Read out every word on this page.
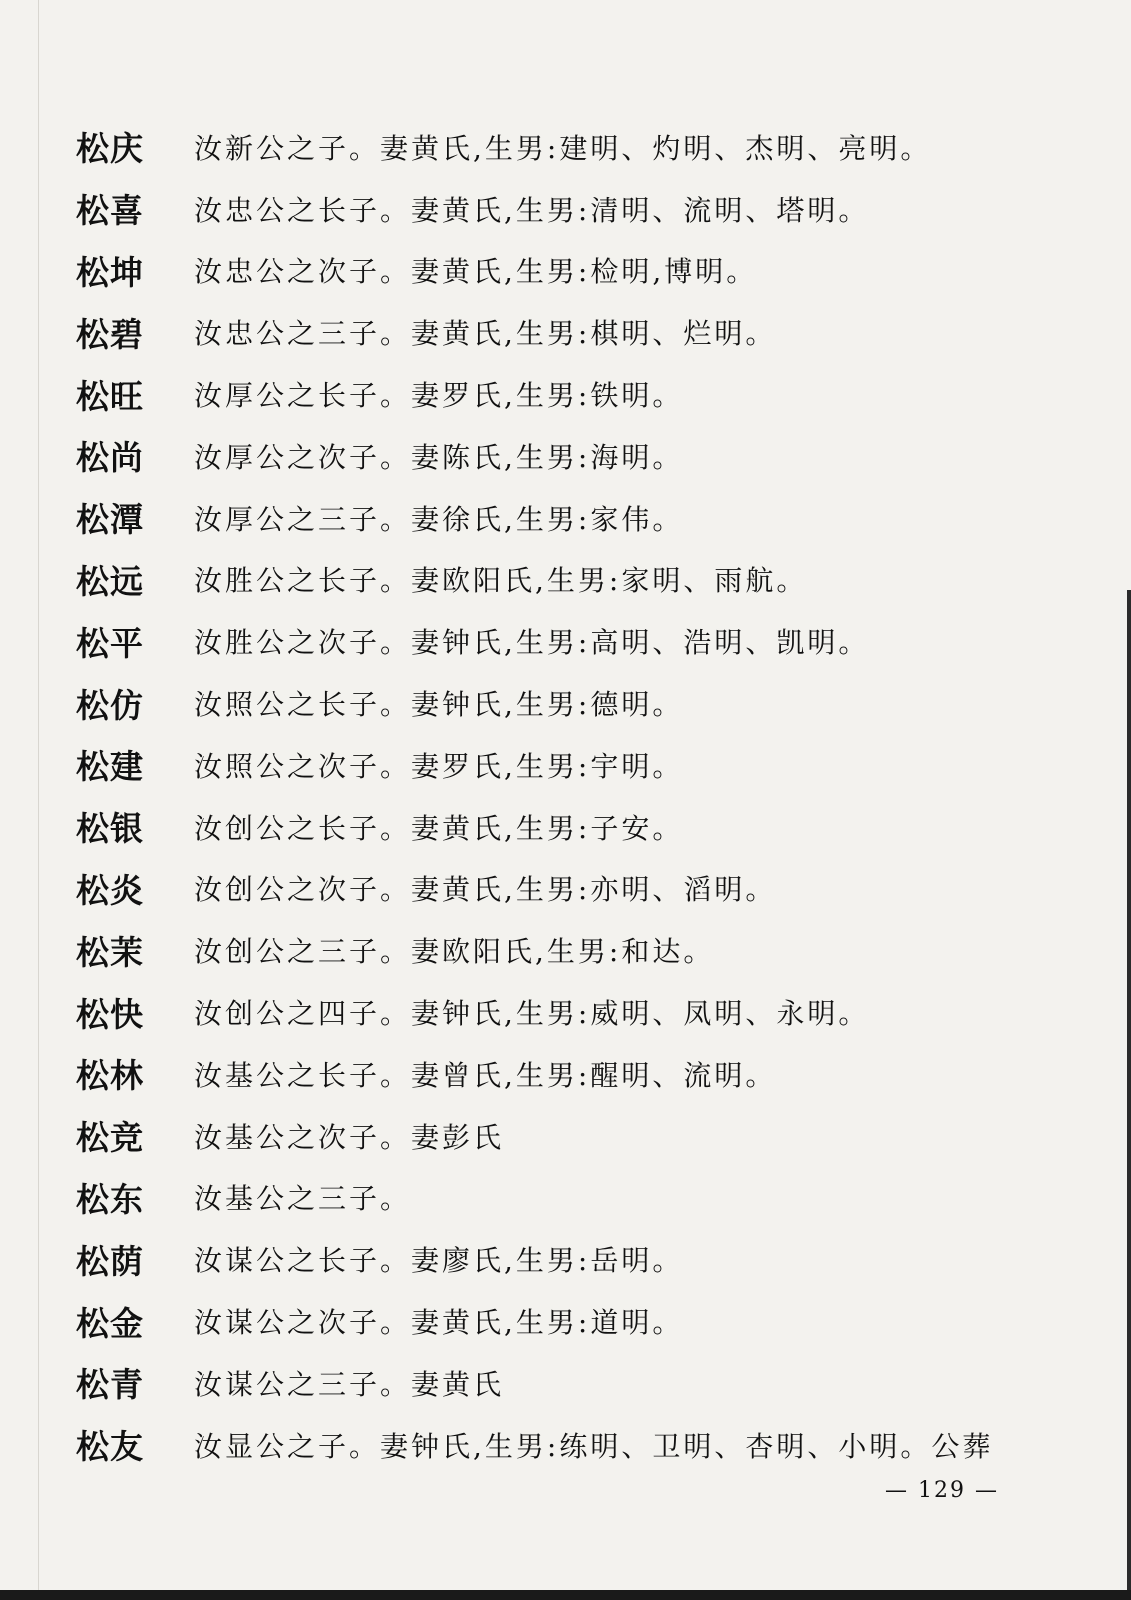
松庆	汝新公之子。妻黄氏,生男:建明、灼明、杰明、亮明。
松喜	汝忠公之长子。妻黄氏,生男:清明、流明、塔明。
松坤	汝忠公之次子。妻黄氏,生男:检明,博明。
松碧	汝忠公之三子。妻黄氏,生男:棋明、烂明。
松旺	汝厚公之长子。妻罗氏,生男:铁明。
松尚	汝厚公之次子。妻陈氏,生男:海明。
松潭	汝厚公之三子。妻徐氏,生男:家伟。
松远	汝胜公之长子。妻欧阳氏,生男:家明、雨航。
松平	汝胜公之次子。妻钟氏,生男:高明、浩明、凯明。
松仿	汝照公之长子。妻钟氏,生男:德明。
松建	汝照公之次子。妻罗氏,生男:宇明。
松银	汝创公之长子。妻黄氏,生男:子安。
松炎	汝创公之次子。妻黄氏,生男:亦明、滔明。
松茉	汝创公之三子。妻欧阳氏,生男:和达。
松快	汝创公之四子。妻钟氏,生男:威明、凤明、永明。
松林	汝基公之长子。妻曾氏,生男:醒明、流明。
松竞	汝基公之次子。妻彭氏
松东	汝基公之三子。
松荫	汝谋公之长子。妻廖氏,生男:岳明。
松金	汝谋公之次子。妻黄氏,生男:道明。
松青	汝谋公之三子。妻黄氏
松友	汝显公之子。妻钟氏,生男:练明、卫明、杏明、小明。公葬
— 129 —
